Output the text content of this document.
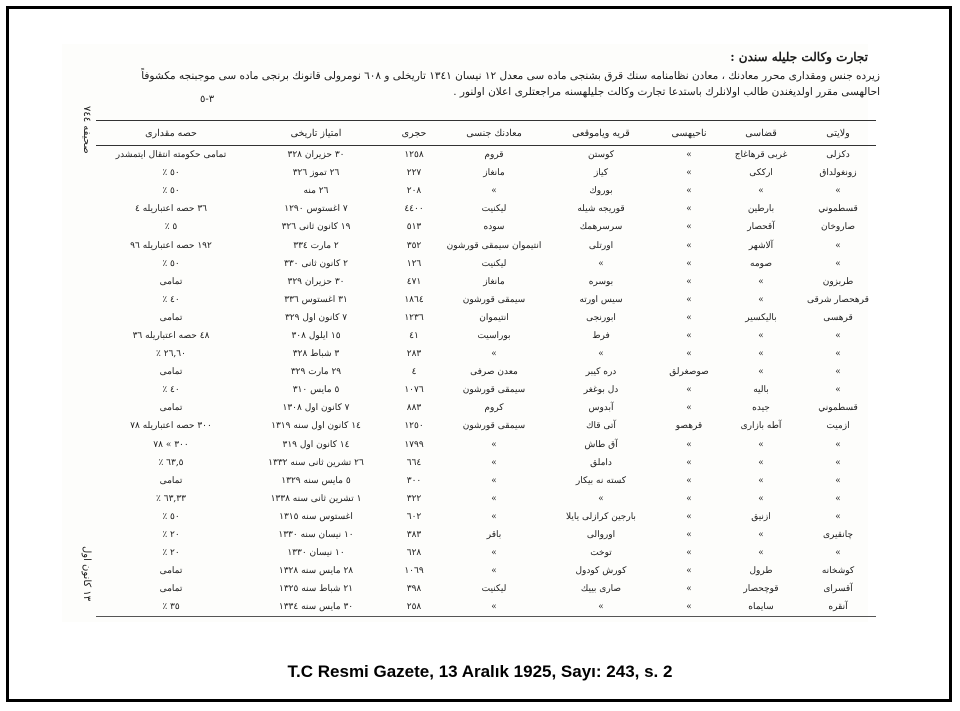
صحيفه ٧٤٤
١٣ كانون اول
تجارت وكالت جليله سندن :
زيرده جنس ومقداری محرر معادنك ، معادن نظامنامه سنك قرق بشنجی ماده سی معدل ١٢ نيسان ١٣٤١ تاريخلی و ٦٠٨ نومرولی قانونك برنجی ماده سی موجبنجه مكشوفاً احالهسی مقرر اولديغندن طالب اولانلرك باستدعا تجارت وكالت جليلهسنه مراجعتلری اعلان اولنور .
٣-٥
ولايتى	قضاسى	ناحيهسى	قريه وياموقعى	معادنك جنسى	حجرى	امتياز تاريخى	حصه مقدارى
دكزلى	غربى قرهاغاج	»	كوستن	قروم	١٢٥٨	٣٠ حزيران ٣٢٨	تمامى حكومته انتقال ايتمشدر
زونغولداق	ارككى	»	كياز	مانغاز	٢٢٧	٢٦ تموز ٣٢٦	٥٠ ٪
»	»	»	بوروك	»	٢٠٨	٢٦ منه	٥٠ ٪
قسطموني	بارطين	»	قوريجه شيله	ليكنيت	٤٤٠٠	٧ اغستوس ١٢٩٠	٣٦ حصه اعتباريله ٤
صاروخان	آقحصار	»	سرسرهمك	سوده	٥١٣	١٩ كانون ثانى ٣٢٦	٥ ٪
»	آلاشهر	»	اورتلى	انتيموان سيمقى قورشون	٣٥٢	٢ مارت ٣٣٤	١٩٢ حصه اعتباريله ٩٦
»	صومه	»	»	ليكنيت	١٢٦	٢ كانون ثانى ٣٣٠	٥٠ ٪
طربزون	»	»	بوسره	مانغاز	٤٧١	٣٠ حزيران ٣٢٩	تمامى
قرهحصار شرقى	»	»	سيس اورته	سيمقى قورشون	١٨٦٤	٣١ اغستوس ٣٣٦	٤٠ ٪
قرهسى	باليكسير	»	ابورنجى	انتيموان	١٢٣٦	٧ كانون اول ٣٢٩	تمامى
»	»	»	فرط	بوراسيت	٤١	١٥ ايلول ٣٠٨	٤٨ حصه اعتباريله ٣٦
»	»	»	»	»	٢٨٣	٣ شباط ٣٢٨	٢٦,٦٠ ٪
»	»	صوصغرلق	دره كيبر	معدن صرفى	٤	٢٩ مارت ٣٢٩	تمامى
»	باليه	»	دل بوغغر	سيمقى قورشون	١٠٧٦	٥ مايس ٣١٠	٤٠ ٪
قسطموني	جيده	»	آبدوس	كروم	٨٨٣	٧ كانون اول ١٣٠٨	تمامى
ازميت	آطه بازارى	قرهصو	آتى قاك	سيمقى قورشون	١٢٥٠	١٤ كانون اول سنه ١٣١٩	٣٠٠ حصه اعتباريله ٧٨
»	»	»	آق طاش	»	١٧٩٩	١٤ كانون اول ٣١٩	٣٠٠ » ٧٨
»	»	»	داملق	»	٦٦٤	٢٦ تشرين ثانى سنه ١٣٣٢	٦٣,٥ ٪
»	»	»	كسته نه بيكار	»	٣٠٠	٥ مايس سنه ١٣٢٩	تمامى
»	»	»	»	»	٣٢٢	١ تشرين ثانى سنه ١٣٣٨	٦٣,٣٣ ٪
»	ازنيق	»	بارجين كرازلى يايلا	»	٦٠٢	اغستوس سنه ١٣١٥	٥٠ ٪
چانقيرى	»	»	اوروالى	باقر	٣٨٣	١٠ نيسان سنه ١٣٣٠	٢٠ ٪
»	»	»	توخت	»	٦٢٨	١٠ نيسان ١٣٣٠	٢٠ ٪
كوشخانه	طرول	»	كورش كودول	»	١٠٦٩	٢٨ مايس سنه ١٣٢٨	تمامى
آقسراى	قوچحصار	»	صارى بييك	ليكنيت	٣٩٨	٢١ شباط سنه ١٣٢٥	تمامى
آنقره	سايماه	»	»	»	٢٥٨	٣٠ مايس سنه ١٣٣٤	٣٥ ٪
T.C Resmi Gazete, 13 Aralık 1925, Sayı: 243, s. 2
